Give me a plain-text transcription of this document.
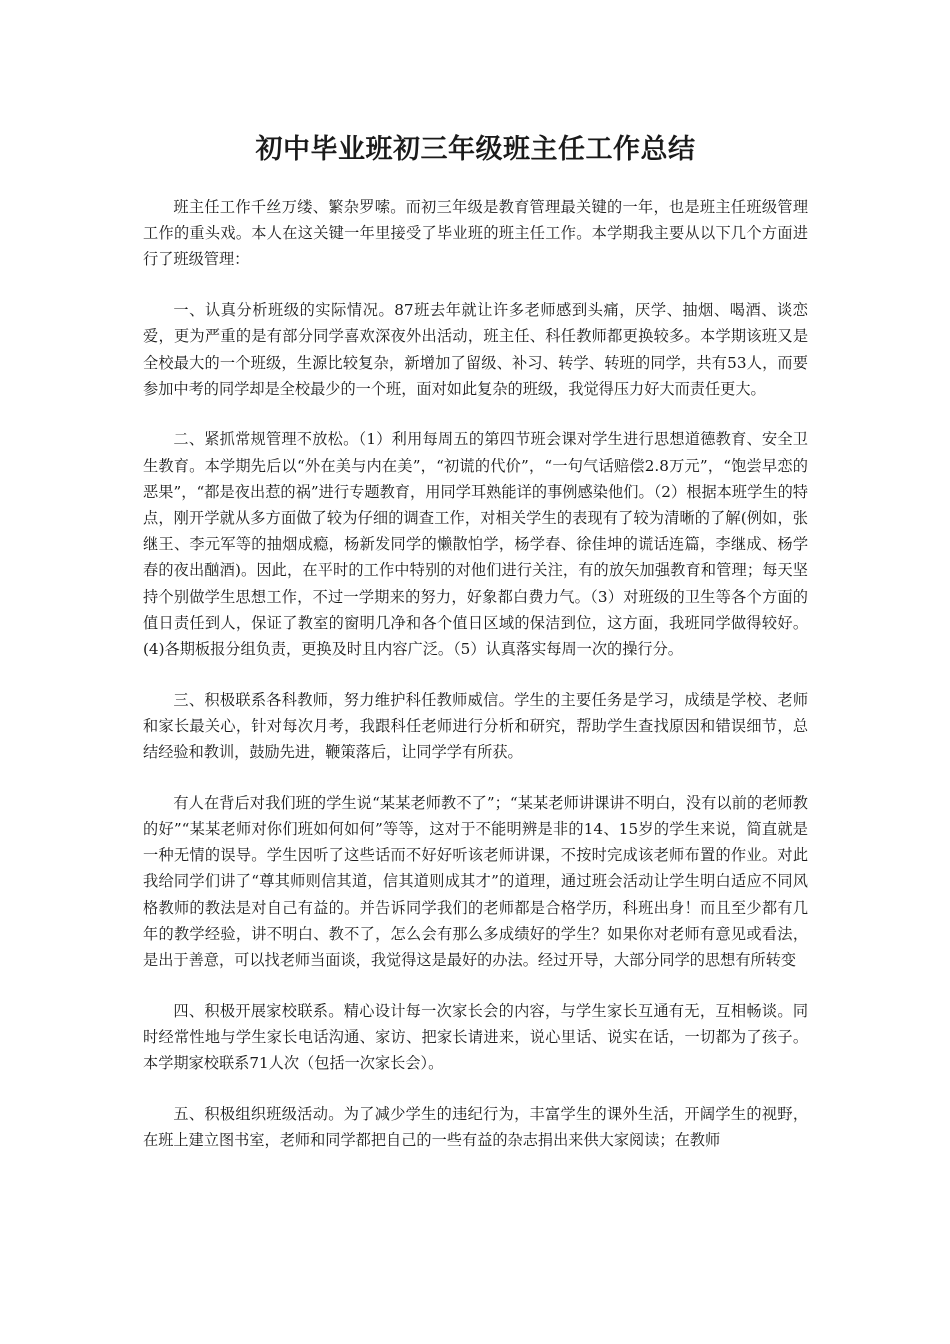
初中毕业班初三年级班主任工作总结

班主任工作千丝万缕、繁杂罗嗦。而初三年级是教育管理最关键的一年，也是班主任班级管理工作的重头戏。本人在这关键一年里接受了毕业班的班主任工作。本学期我主要从以下几个方面进行了班级管理：

一、认真分析班级的实际情况。87班去年就让许多老师感到头痛，厌学、抽烟、喝酒、谈恋爱，更为严重的是有部分同学喜欢深夜外出活动，班主任、科任教师都更换较多。本学期该班又是全校最大的一个班级，生源比较复杂，新增加了留级、补习、转学、转班的同学，共有53人，而要参加中考的同学却是全校最少的一个班，面对如此复杂的班级，我觉得压力好大而责任更大。

二、紧抓常规管理不放松。（1）利用每周五的第四节班会课对学生进行思想道德教育、安全卫生教育。本学期先后以“外在美与内在美”，“初谎的代价”，“一句气话赔偿2.8万元”，“饱尝早恋的恶果”，“都是夜出惹的祸”进行专题教育，用同学耳熟能详的事例感染他们。（2）根据本班学生的特点，刚开学就从多方面做了较为仔细的调查工作，对相关学生的表现有了较为清晰的了解(例如，张继王、李元军等的抽烟成瘾，杨新发同学的懒散怕学，杨学春、徐佳坤的谎话连篇，李继成、杨学春的夜出酗酒)。因此，在平时的工作中特别的对他们进行关注，有的放矢加强教育和管理；每天坚持个别做学生思想工作，不过一学期来的努力，好象都白费力气。（3）对班级的卫生等各个方面的值日责任到人，保证了教室的窗明几净和各个值日区域的保洁到位，这方面，我班同学做得较好。(4)各期板报分组负责，更换及时且内容广泛。（5）认真落实每周一次的操行分。

三、积极联系各科教师，努力维护科任教师威信。学生的主要任务是学习，成绩是学校、老师和家长最关心，针对每次月考，我跟科任老师进行分析和研究，帮助学生查找原因和错误细节，总结经验和教训，鼓励先进，鞭策落后，让同学学有所获。

有人在背后对我们班的学生说“某某老师教不了”；“某某老师讲课讲不明白，没有以前的老师教的好”“某某老师对你们班如何如何”等等，这对于不能明辨是非的14、15岁的学生来说，简直就是一种无情的误导。学生因听了这些话而不好好听该老师讲课，不按时完成该老师布置的作业。对此我给同学们讲了“尊其师则信其道，信其道则成其才”的道理，通过班会活动让学生明白适应不同风格教师的教法是对自己有益的。并告诉同学我们的老师都是合格学历，科班出身！而且至少都有几年的教学经验，讲不明白、教不了，怎么会有那么多成绩好的学生？如果你对老师有意见或看法，是出于善意，可以找老师当面谈，我觉得这是最好的办法。经过开导，大部分同学的思想有所转变

四、积极开展家校联系。精心设计每一次家长会的内容，与学生家长互通有无，互相畅谈。同时经常性地与学生家长电话沟通、家访、把家长请进来，说心里话、说实在话，一切都为了孩子。本学期家校联系71人次（包括一次家长会）。

五、积极组织班级活动。为了减少学生的违纪行为，丰富学生的课外生活，开阔学生的视野，在班上建立图书室，老师和同学都把自己的一些有益的杂志捐出来供大家阅读；在教师
